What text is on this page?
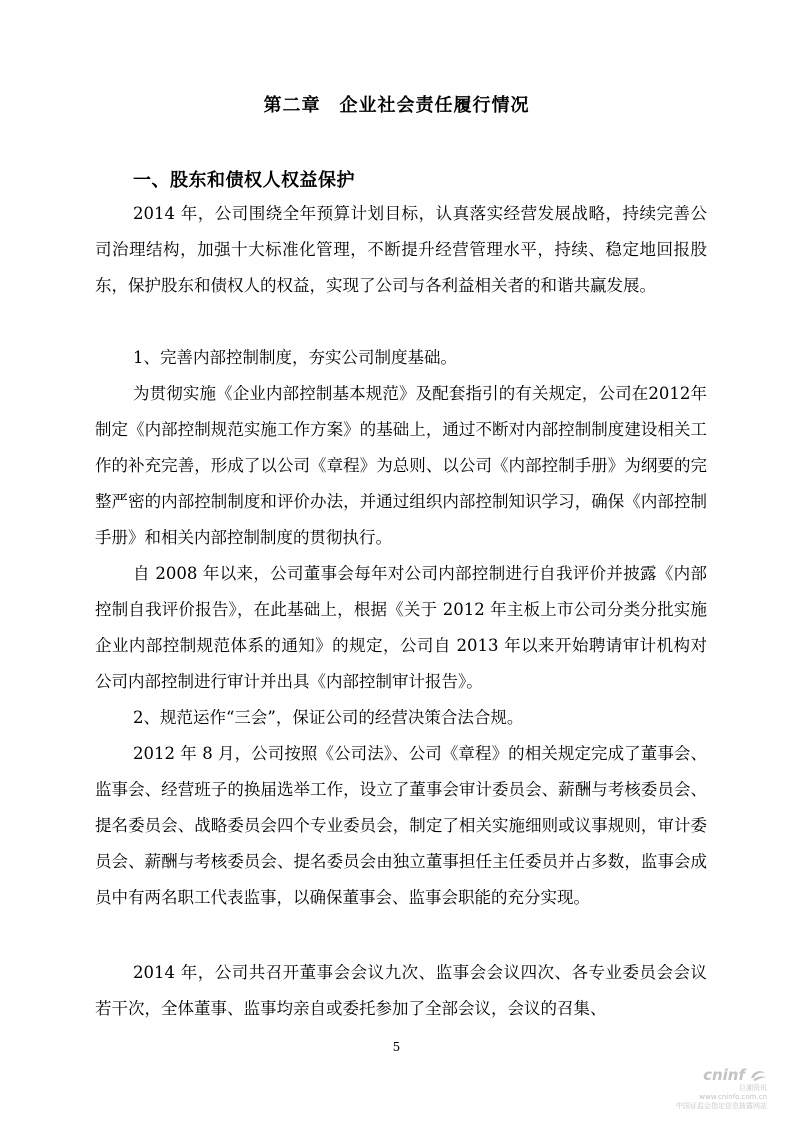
第二章　企业社会责任履行情况
一、股东和债权人权益保护

2014 年，公司围绕全年预算计划目标，认真落实经营发展战略，持续完善公司治理结构，加强十大标准化管理，不断提升经营管理水平，持续、稳定地回报股东，保护股东和债权人的权益，实现了公司与各利益相关者的和谐共赢发展。

1、完善内部控制制度，夯实公司制度基础。

为贯彻实施《企业内部控制基本规范》及配套指引的有关规定，公司在2012年制定《内部控制规范实施工作方案》的基础上，通过不断对内部控制制度建设相关工作的补充完善，形成了以公司《章程》为总则、以公司《内部控制手册》为纲要的完整严密的内部控制制度和评价办法，并通过组织内部控制知识学习，确保《内部控制手册》和相关内部控制制度的贯彻执行。

自 2008 年以来，公司董事会每年对公司内部控制进行自我评价并披露《内部控制自我评价报告》，在此基础上，根据《关于 2012 年主板上市公司分类分批实施企业内部控制规范体系的通知》的规定，公司自 2013 年以来开始聘请审计机构对公司内部控制进行审计并出具《内部控制审计报告》。

2、规范运作“三会”，保证公司的经营决策合法合规。

2012 年 8 月，公司按照《公司法》、公司《章程》的相关规定完成了董事会、监事会、经营班子的换届选举工作，设立了董事会审计委员会、薪酬与考核委员会、提名委员会、战略委员会四个专业委员会，制定了相关实施细则或议事规则，审计委员会、薪酬与考核委员会、提名委员会由独立董事担任主任委员并占多数，监事会成员中有两名职工代表监事，以确保董事会、监事会职能的充分实现。

2014 年，公司共召开董事会会议九次、监事会会议四次、各专业委员会会议若干次，全体董事、监事均亲自或委托参加了全部会议，会议的召集、

5
cninf
巨潮资讯
www.cninfo.com.cn
中国证监会指定信息披露网站
